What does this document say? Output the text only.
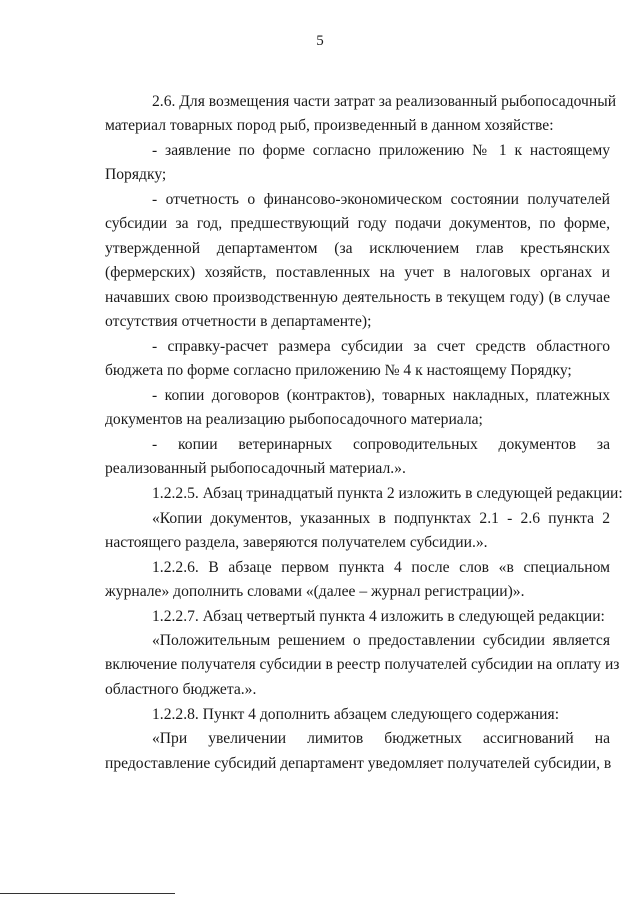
5
2.6. Для возмещения части затрат за реализованный рыбопосадочный
материал товарных пород рыб, произведенный в данном хозяйстве:
- заявление по форме согласно приложению № 1 к настоящему
Порядку;
- отчетность о финансово-экономическом состоянии получателей
субсидии за год, предшествующий году подачи документов, по форме,
утвержденной департаментом (за исключением глав крестьянских
(фермерских) хозяйств, поставленных на учет в налоговых органах и
начавших свою производственную деятельность в текущем году) (в случае
отсутствия отчетности в департаменте);
- справку-расчет размера субсидии за счет средств областного
бюджета по форме согласно приложению № 4 к настоящему Порядку;
- копии договоров (контрактов), товарных накладных, платежных
документов на реализацию рыбопосадочного материала;
- копии ветеринарных сопроводительных документов за
реализованный рыбопосадочный материал.».
1.2.2.5. Абзац тринадцатый пункта 2 изложить в следующей редакции:
«Копии документов, указанных в подпунктах 2.1 - 2.6 пункта 2
настоящего раздела, заверяются получателем субсидии.».
1.2.2.6. В абзаце первом пункта 4 после слов «в специальном
журнале» дополнить словами «(далее – журнал регистрации)».
1.2.2.7. Абзац четвертый пункта 4 изложить в следующей редакции:
«Положительным решением о предоставлении субсидии является
включение получателя субсидии в реестр получателей субсидии на оплату из
областного бюджета.».
1.2.2.8. Пункт 4 дополнить абзацем следующего содержания:
«При увеличении лимитов бюджетных ассигнований на
предоставление субсидий департамент уведомляет получателей субсидии, в
